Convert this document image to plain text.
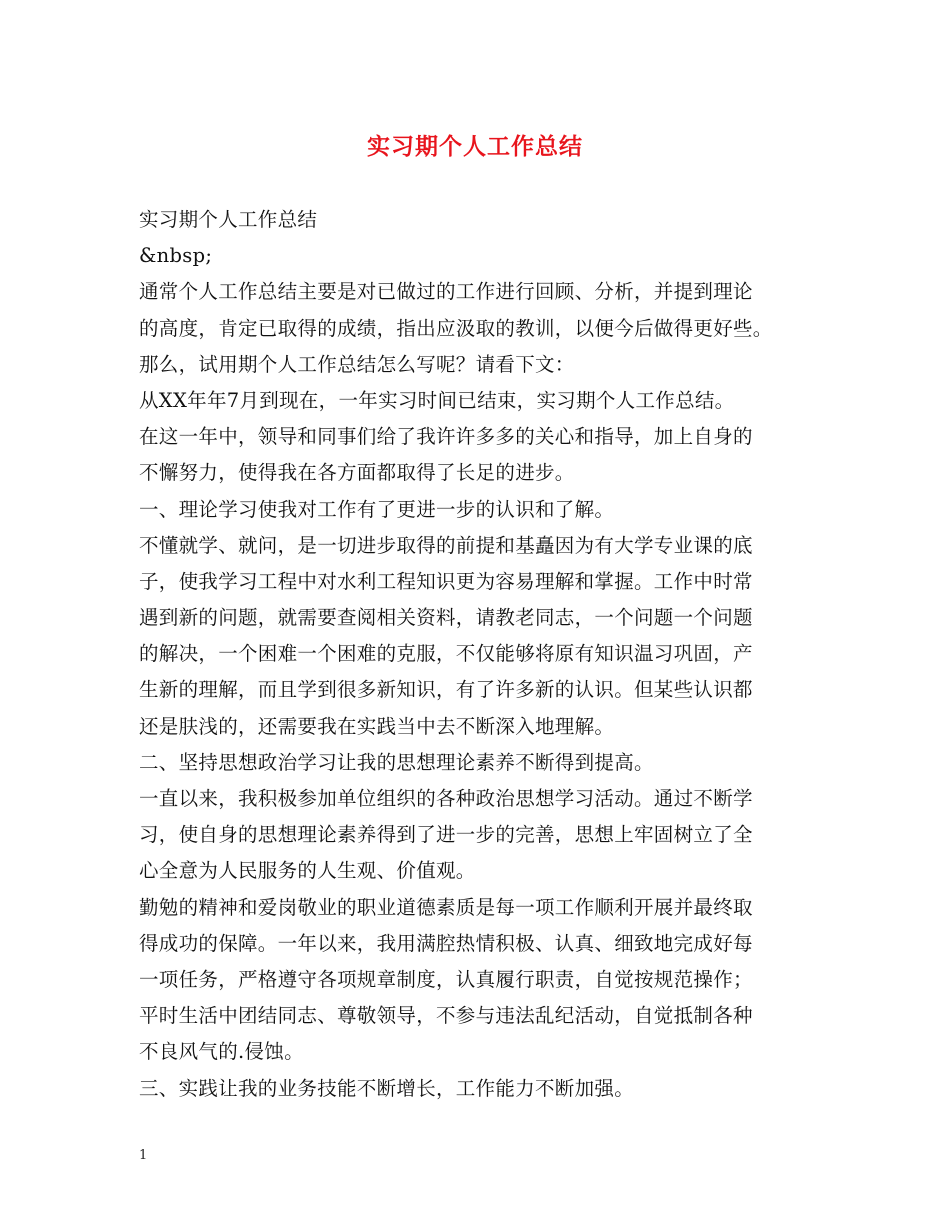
实习期个人工作总结
实习期个人工作总结
&nbsp;
通常个人工作总结主要是对已做过的工作进行回顾、分析，并提到理论
的高度，肯定已取得的成绩，指出应汲取的教训，以便今后做得更好些。
那么，试用期个人工作总结怎么写呢？请看下文：
从XX年年7月到现在，一年实习时间已结束，实习期个人工作总结。
在这一年中，领导和同事们给了我许许多多的关心和指导，加上自身的
不懈努力，使得我在各方面都取得了长足的进步。
一、理论学习使我对工作有了更进一步的认识和了解。
不懂就学、就问，是一切进步取得的前提和基矗因为有大学专业课的底
子，使我学习工程中对水利工程知识更为容易理解和掌握。工作中时常
遇到新的问题，就需要查阅相关资料，请教老同志，一个问题一个问题
的解决，一个困难一个困难的克服，不仅能够将原有知识温习巩固，产
生新的理解，而且学到很多新知识，有了许多新的认识。但某些认识都
还是肤浅的，还需要我在实践当中去不断深入地理解。
二、坚持思想政治学习让我的思想理论素养不断得到提高。
一直以来，我积极参加单位组织的各种政治思想学习活动。通过不断学
习，使自身的思想理论素养得到了进一步的完善，思想上牢固树立了全
心全意为人民服务的人生观、价值观。
勤勉的精神和爱岗敬业的职业道德素质是每一项工作顺利开展并最终取
得成功的保障。一年以来，我用满腔热情积极、认真、细致地完成好每
一项任务，严格遵守各项规章制度，认真履行职责，自觉按规范操作；
平时生活中团结同志、尊敬领导，不参与违法乱纪活动，自觉抵制各种
不良风气的.侵蚀。
三、实践让我的业务技能不断增长，工作能力不断加强。
1
